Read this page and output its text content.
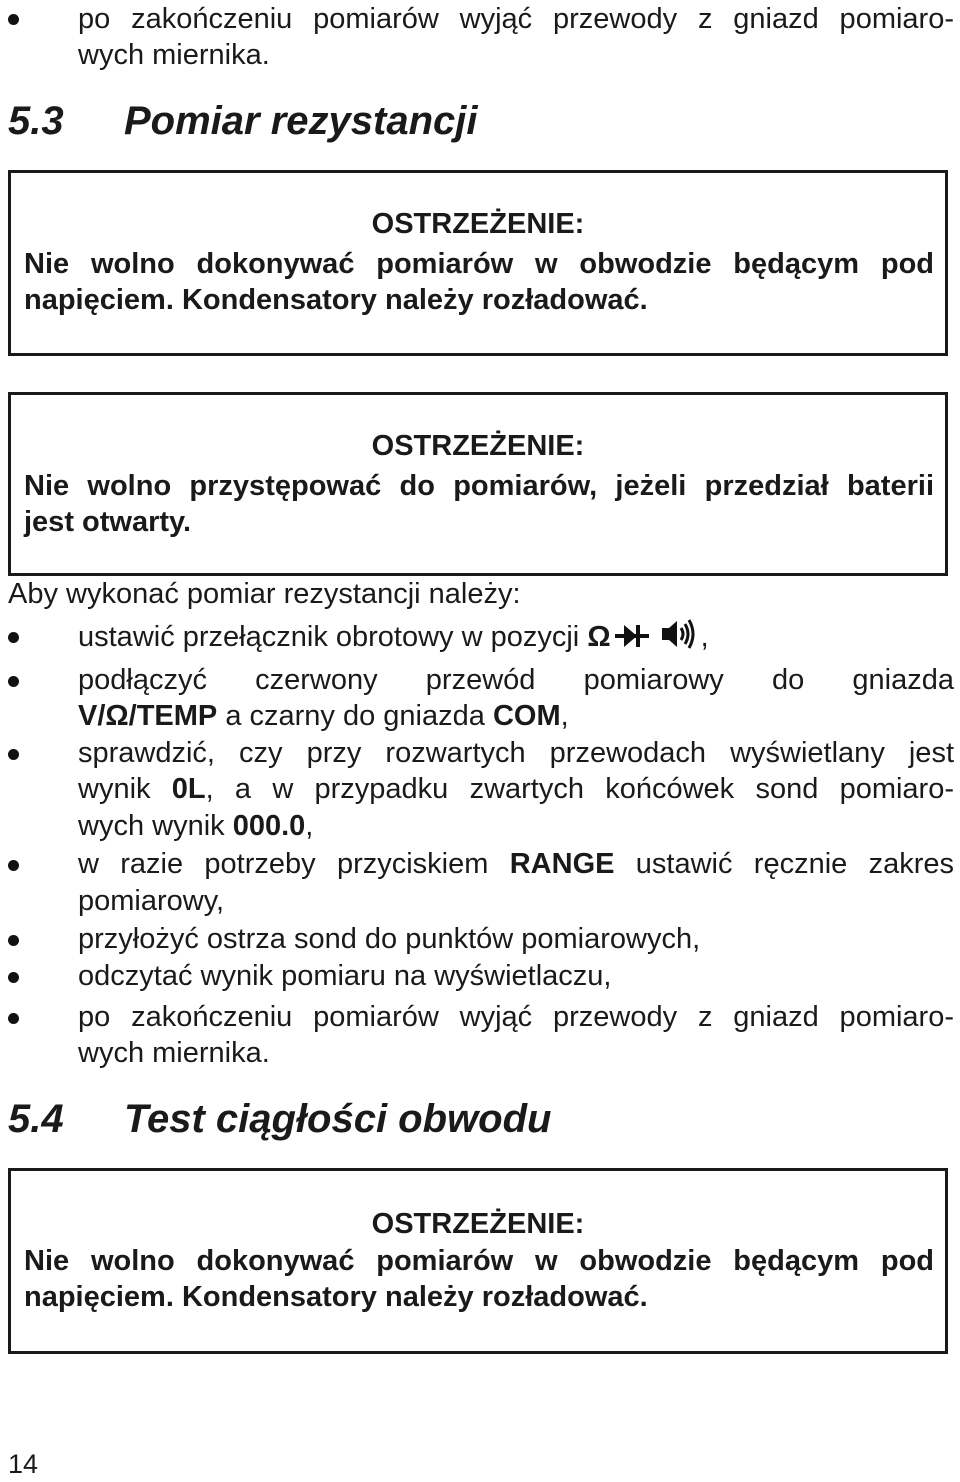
po zakończeniu pomiarów wyjąć przewody z gniazd pomiaro-
wych miernika.
5.3 Pomiar rezystancji
OSTRZEŻENIE:
Nie wolno dokonywać pomiarów w obwodzie będącym pod
napięciem. Kondensatory należy rozładować.
OSTRZEŻENIE:
Nie wolno przystępować do pomiarów, jeżeli przedział baterii
jest otwarty.
Aby wykonać pomiar rezystancji należy:
ustawić przełącznik obrotowy w pozycji Ω	,
podłączyć czerwony przewód pomiarowy do gniazda
V/Ω/TEMP a czarny do gniazda COM,
sprawdzić, czy przy rozwartych przewodach wyświetlany jest
wynik 0L, a w przypadku zwartych końcówek sond pomiaro-
wych wynik 000.0,
w razie potrzeby przyciskiem RANGE ustawić ręcznie zakres
pomiarowy,
przyłożyć ostrza sond do punktów pomiarowych,
odczytać wynik pomiaru na wyświetlaczu,
po zakończeniu pomiarów wyjąć przewody z gniazd pomiaro-
wych miernika.
5.4 Test ciągłości obwodu
OSTRZEŻENIE:
Nie wolno dokonywać pomiarów w obwodzie będącym pod
napięciem. Kondensatory należy rozładować.
14
